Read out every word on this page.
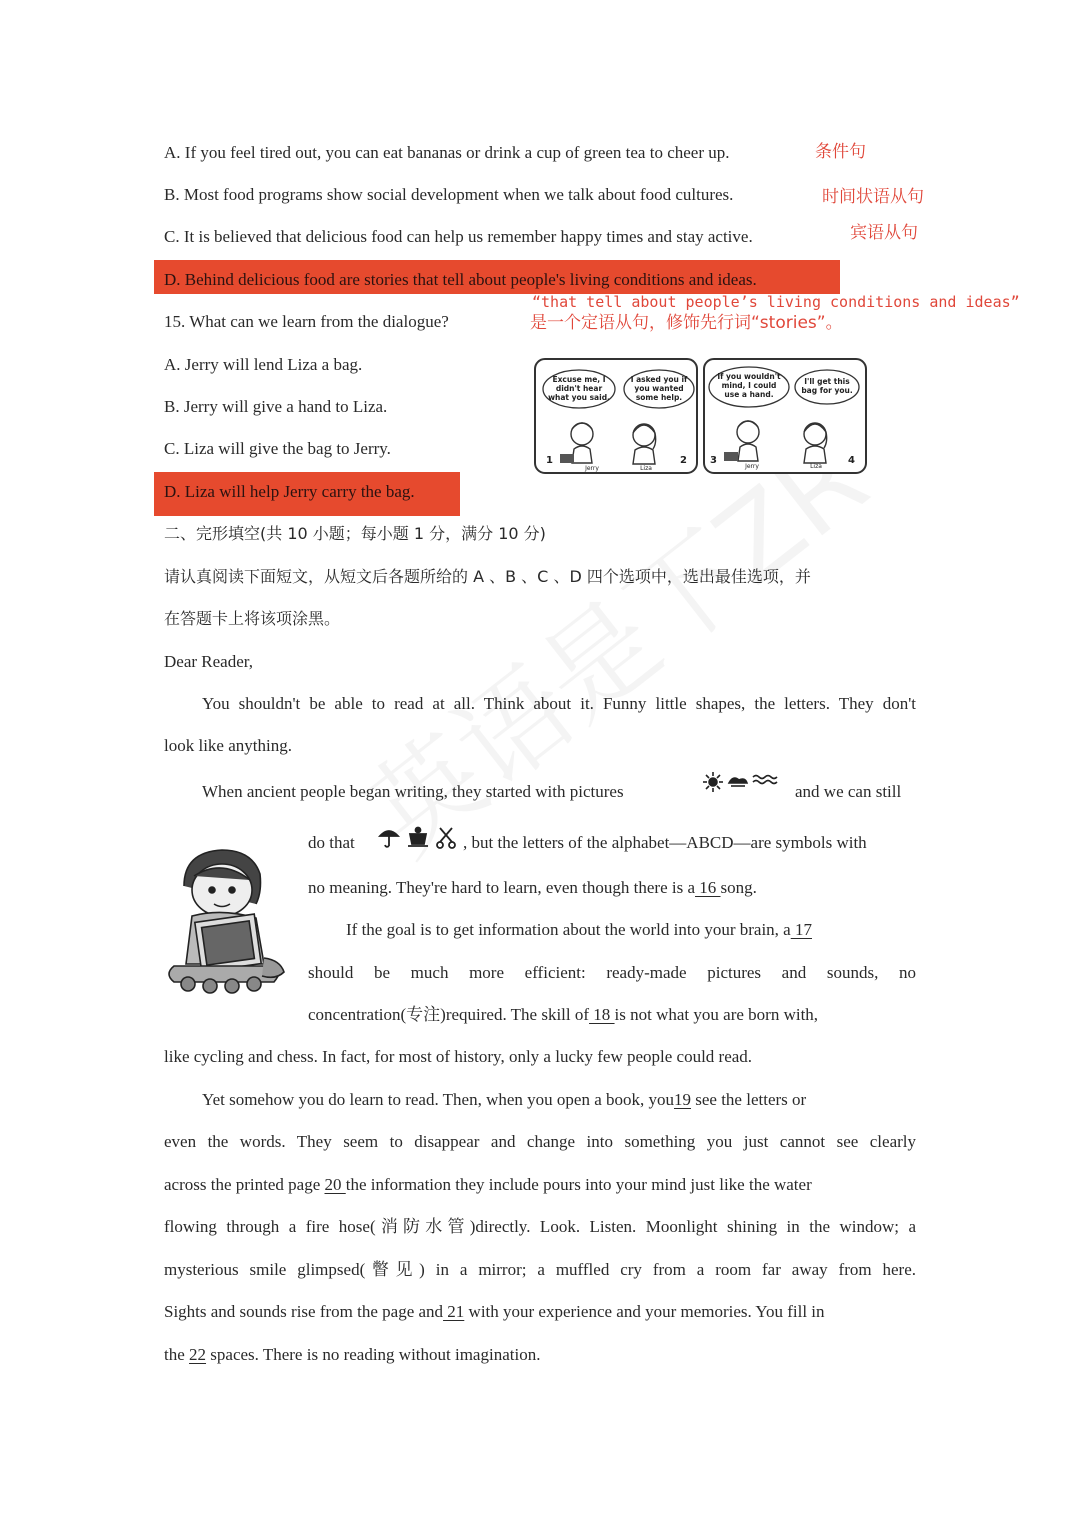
A. If you feel tired out, you can eat bananas or drink a cup of green tea to cheer up.	条件句
B. Most food programs show social development when we talk about food cultures.	时间状语从句
C. It is believed that delicious food can help us remember happy times and stay active.	宾语从句
D. Behind delicious food are stories that tell about people's living conditions and ideas.
“that tell about people’s living conditions and ideas”
是一个定语从句，修饰先行词“stories”。
15. What can we learn from the dialogue?
A. Jerry will lend Liza a bag.
B. Jerry will give a hand to Liza.
C. Liza will give the bag to Jerry.
D. Liza will help Jerry carry the bag.
Excuse me, I
didn't hear
what you said.
I asked you if
you wanted
some help.
If you wouldn't
mind, I could
use a hand.
I'll get this
bag for you.
1	2 3	4
Jerry	Liza	Jerry	Liza
二、完形填空(共 10 小题；每小题 1 分，满分 10 分)
请认真阅读下面短文，从短文后各题所给的 A 、B 、C 、D 四个选项中，选出最佳选项，并
在答题卡上将该项涂黑。
Dear Reader,
You shouldn't be able to read at all. Think about it. Funny little shapes, the letters. They don't
look like anything.
When ancient people began writing, they started with pictures	and we can still
do that	, but the letters of the alphabet—ABCD—are symbols with
no meaning. They're hard to learn, even though there is a 16 song.
If the goal is to get information about the world into your brain, a 17
should be much more efficient: ready-made pictures and sounds, no
concentration(专注)required. The skill of 18 is not what you are born with,
like cycling and chess. In fact, for most of history, only a lucky few people could read.
Yet somehow you do learn to read. Then, when you open a book, you19 see the letters or
even the words. They seem to disappear and change into something you just cannot see clearly
across the printed page 20 the information they include pours into your mind just like the water
flowing through a fire hose(消防水管)directly. Look. Listen. Moonlight shining in the window; a
mysterious smile glimpsed(瞥见) in a mirror; a muffled cry from a room far away from here.
Sights and sounds rise from the page and 21 with your experience and your memories. You fill in
the 22 spaces. There is no reading without imagination.
